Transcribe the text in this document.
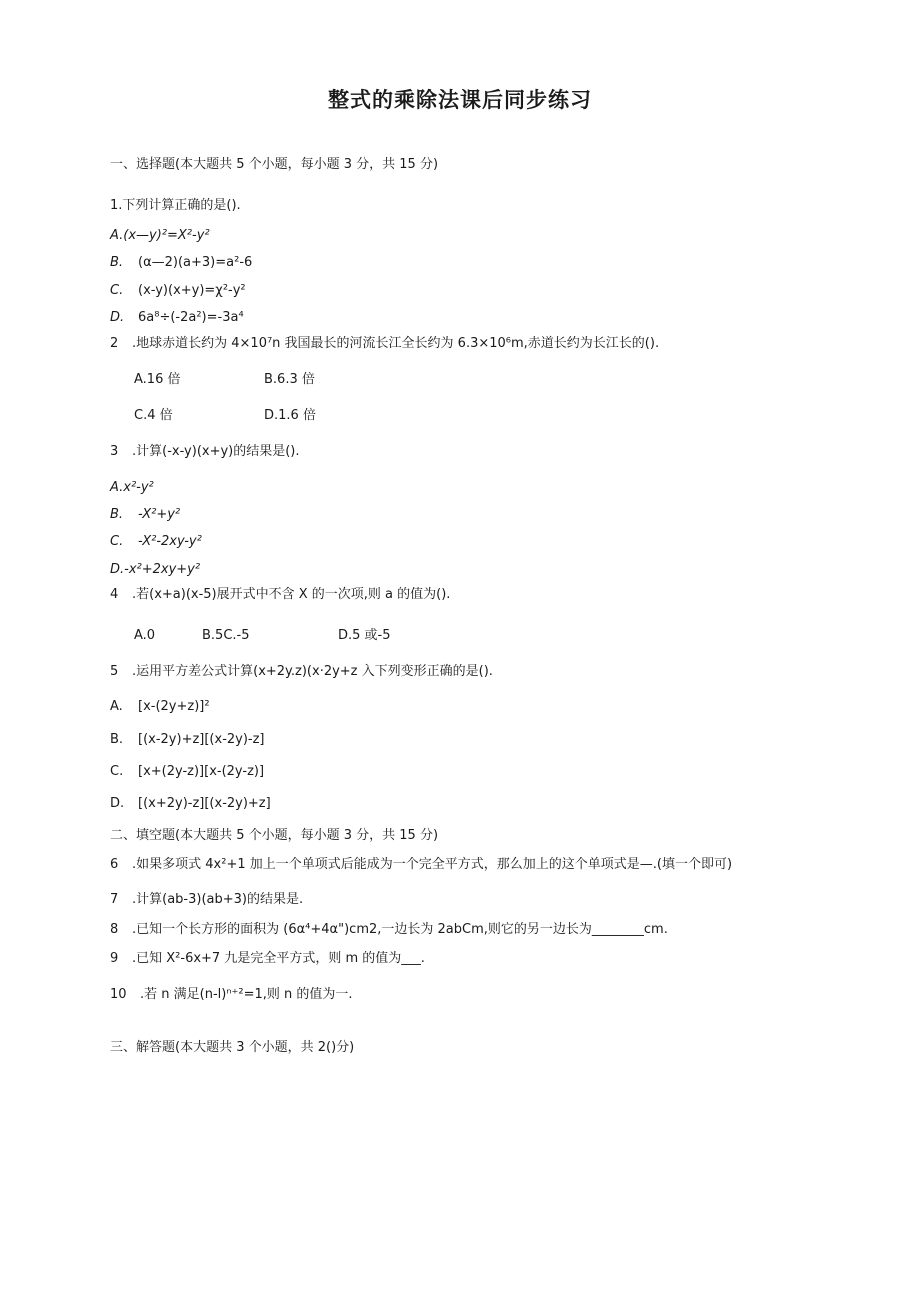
整式的乘除法课后同步练习
一、选择题(本大题共 5 个小题，每小题 3 分，共 15 分)
1.下列计算正确的是().
A.(x—y)²=X²-y²
B. (α—2)(a+3)=a²-6
C. (x-y)(x+y)=χ²-y²
D. 6a⁸÷(-2a²)=-3a⁴
2 .地球赤道长约为 4×10⁷n 我国最长的河流长江全长约为 6.3×10⁶m,赤道长约为长江长的().
A.16 倍	B.6.3 倍
C.4 倍	D.1.6 倍
3 .计算(-x-y)(x+y)的结果是().
A.x²-y²
B. -X²+y²
C. -X²-2xy-y²
D.-x²+2xy+y²
4 .若(x+a)(x-5)展开式中不含 X 的一次项,则 a 的值为().
A.0	B.5C.-5	D.5 或-5
5 .运用平方差公式计算(x+2y.z)(x·2y+z 入下列变形正确的是().
A. [x-(2y+z)]²
B. [(x-2y)+z][(x-2y)-z]
C. [x+(2y-z)][x-(2y-z)]
D. [(x+2y)-z][(x-2y)+z]
二、填空题(本大题共 5 个小题，每小题 3 分，共 15 分)
6 .如果多项式 4x²+1 加上一个单项式后能成为一个完全平方式，那么加上的这个单项式是—.(填一个即可)
7 .计算(ab-3)(ab+3)的结果是.
8 .已知一个长方形的面积为 (6α⁴+4α")cm2,一边长为 2abCm,则它的另一边长为________cm.
9 .已知 X²-6x+7 九是完全平方式，则 m 的值为___.
10 .若 n 满足(n-l)ⁿ⁺²=1,则 n 的值为一.
三、解答题(本大题共 3 个小题，共 2()分)
